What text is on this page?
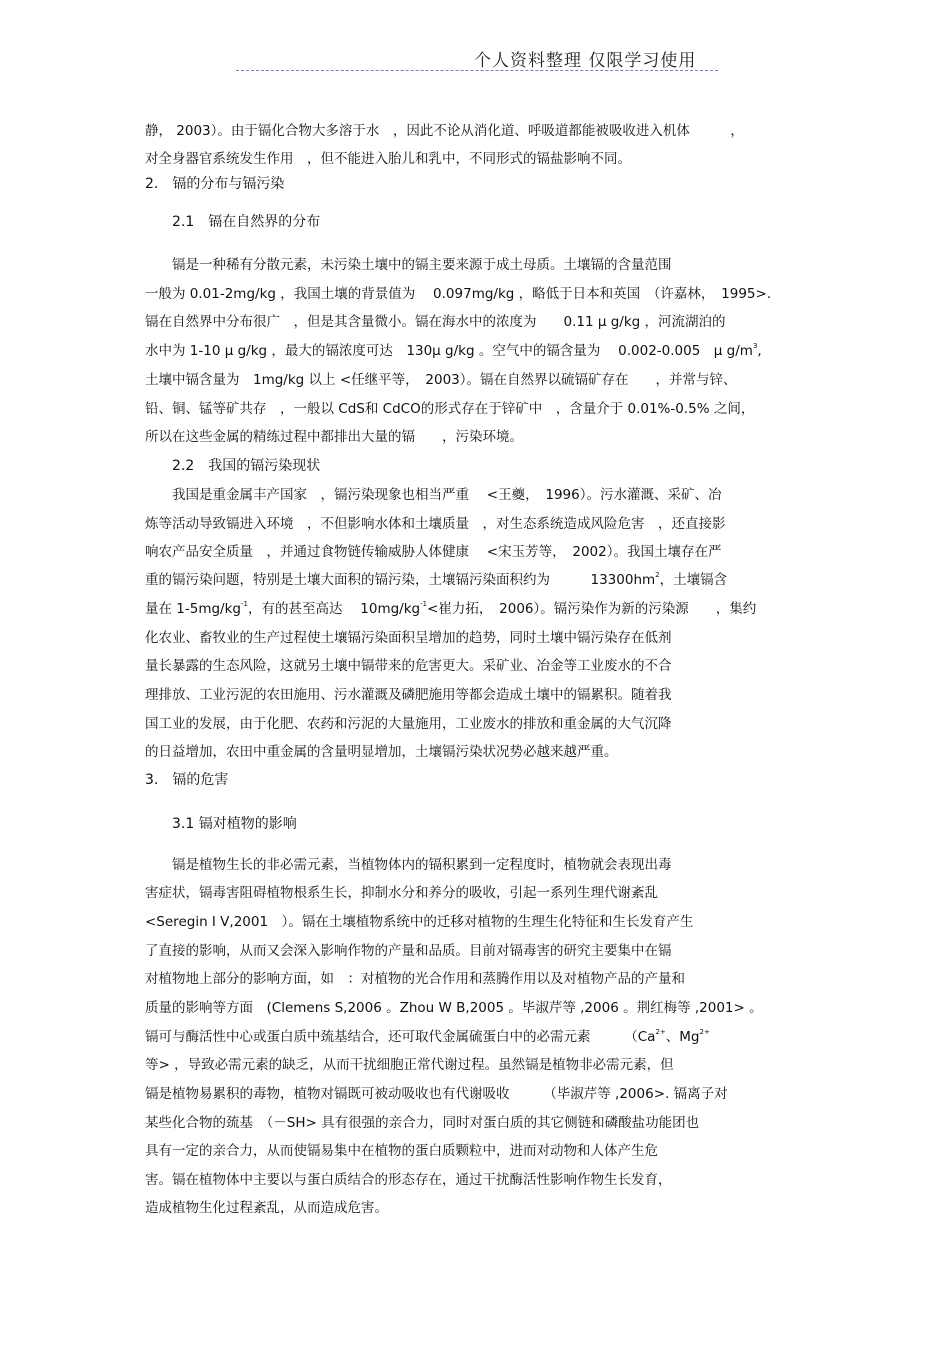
个人资料整理 仅限学习使用
静， 2003）。由于镉化合物大多溶于水　，因此不论从消化道、呼吸道都能被吸收进入机体　　　，
对全身器官系统发生作用　，但不能进入胎儿和乳中，不同形式的镉盐影响不同。
2.　镉的分布与镉污染
2.1　镉在自然界的分布
　　镉是一种稀有分散元素，未污染土壤中的镉主要来源于成土母质。土壤镉的含量范围
一般为 0.01-2mg/kg ，我国土壤的背景值为　 0.097mg/kg ，略低于日本和英国　（许嘉林，　1995>.
镉在自然界中分布很广　，但是其含量微小。镉在海水中的浓度为　　0.11 μ g/kg ，河流湖泊的
水中为 1-10 μ g/kg ，最大的镉浓度可达　130μ g/kg 。空气中的镉含量为　 0.002-0.005　μ $g/m^3$,
土壤中镉含量为　1mg/kg 以上 <任继平等，　2003）。镉在自然界以硫镉矿存在　　，并常与锌、
铅、铜、锰等矿共存　，一般以 CdS和 CdCO的形式存在于锌矿中　，含量介于 0.01%-0.5% 之间，
所以在这些金属的精练过程中都排出大量的镉　　，污染环境。
2.2　我国的镉污染现状
　　我国是重金属丰产国家　，镉污染现象也相当严重　 <王夔，　1996）。污水灌溉、采矿、冶
炼等活动导致镉进入环境　，不但影响水体和土壤质量　，对生态系统造成风险危害　，还直接影
响农产品安全质量　，并通过食物链传输威胁人体健康　 <宋玉芳等，　2002）。我国土壤存在严
重的镉污染问题，特别是土壤大面积的镉污染，土壤镉污染面积约为　　　$13300hm^2$，土壤镉含
量在 $1-5mg/kg^{-1}$，有的甚至高达　 $10mg/kg^{-1}<$崔力拓，　2006）。镉污染作为新的污染源　　，集约
化农业、畜牧业的生产过程使土壤镉污染面积呈增加的趋势，同时土壤中镉污染存在低剂
量长暴露的生态风险，这就另土壤中镉带来的危害更大。采矿业、冶金等工业废水的不合
理排放、工业污泥的农田施用、污水灌溉及磷肥施用等都会造成土壤中的镉累积。随着我
国工业的发展，由于化肥、农药和污泥的大量施用，工业废水的排放和重金属的大气沉降
的日益增加，农田中重金属的含量明显增加，土壤镉污染状况势必越来越严重。
3.　镉的危害
3.1 镉对植物的影响
　　镉是植物生长的非必需元素，当植物体内的镉积累到一定程度时，植物就会表现出毒
害症状，镉毒害阻碍植物根系生长，抑制水分和养分的吸收，引起一系列生理代谢紊乱
<Seregin I V,2001　）。镉在土壤植物系统中的迁移对植物的生理生化特征和生长发育产生
了直接的影响，从而又会深入影响作物的产量和品质。目前对镉毒害的研究主要集中在镉
对植物地上部分的影响方面，如　：对植物的光合作用和蒸腾作用以及对植物产品的产量和
质量的影响等方面　(Clemens S,2006 。Zhou W B,2005 。毕淑芹等 ,2006 。荆红梅等 ,2001> 。
镉可与酶活性中心或蛋白质中巯基结合，还可取代金属硫蛋白中的必需元素　　　（$Ca^{2+}$、$Mg^{2+}$
等> ，导致必需元素的缺乏，从而干扰细胞正常代谢过程。虽然镉是植物非必需元素，但
镉是植物易累积的毒物，植物对镉既可被动吸收也有代谢吸收　　　（毕淑芹等 ,2006>. 镉离子对
某些化合物的巯基　（－SH> 具有很强的亲合力，同时对蛋白质的其它侧链和磷酸盐功能团也
具有一定的亲合力，从而使镉易集中在植物的蛋白质颗粒中，进而对动物和人体产生危
害。镉在植物体中主要以与蛋白质结合的形态存在，通过干扰酶活性影响作物生长发育，
造成植物生化过程紊乱，从而造成危害。
